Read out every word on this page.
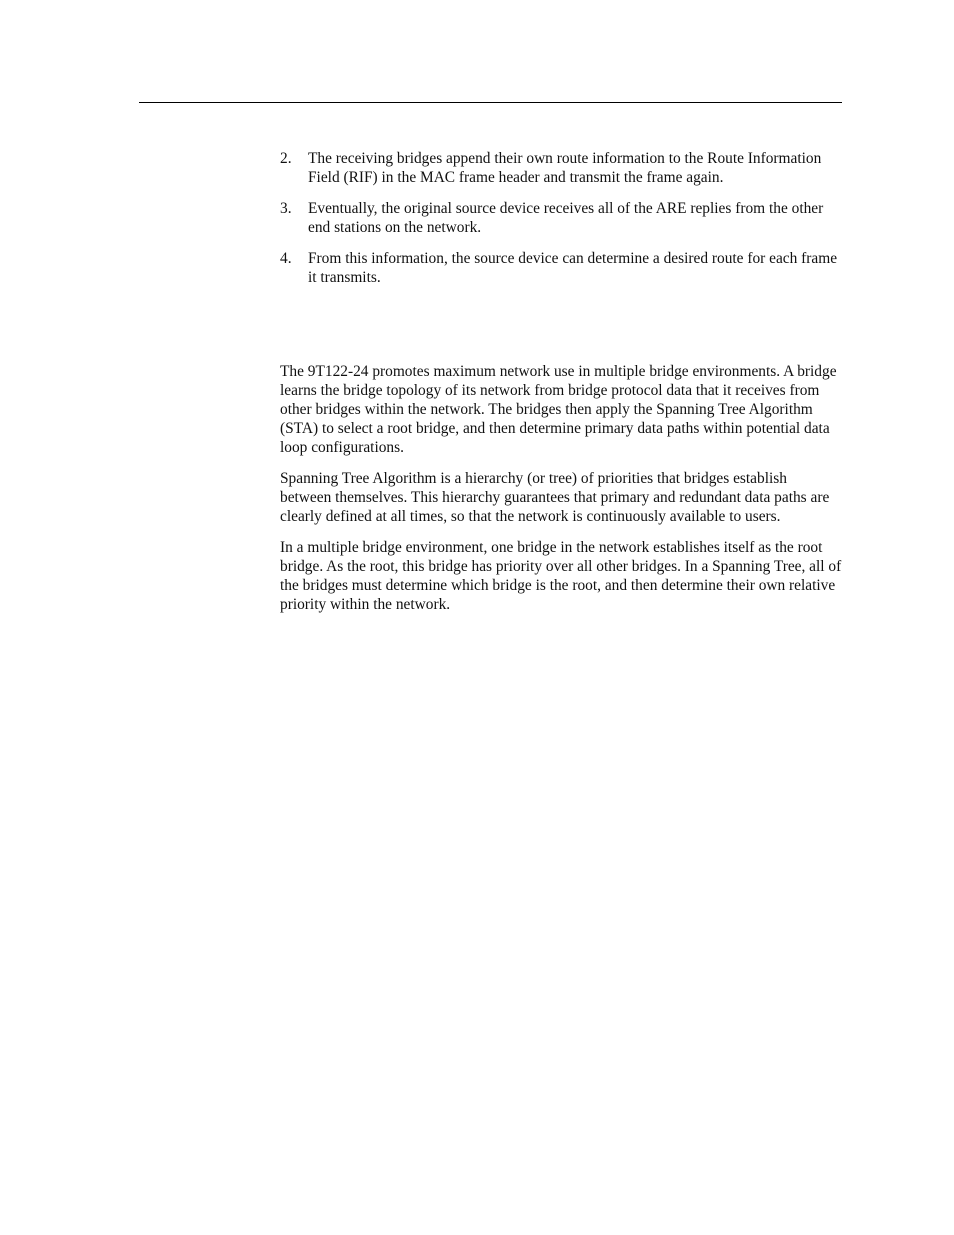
2. The receiving bridges append their own route information to the Route Information Field (RIF) in the MAC frame header and transmit the frame again.
3. Eventually, the original source device receives all of the ARE replies from the other end stations on the network.
4. From this information, the source device can determine a desired route for each frame it transmits.

The 9T122-24 promotes maximum network use in multiple bridge environments. A bridge learns the bridge topology of its network from bridge protocol data that it receives from other bridges within the network. The bridges then apply the Spanning Tree Algorithm (STA) to select a root bridge, and then determine primary data paths within potential data loop configurations.

Spanning Tree Algorithm is a hierarchy (or tree) of priorities that bridges establish between themselves. This hierarchy guarantees that primary and redundant data paths are clearly defined at all times, so that the network is continuously available to users.

In a multiple bridge environment, one bridge in the network establishes itself as the root bridge. As the root, this bridge has priority over all other bridges. In a Spanning Tree, all of the bridges must determine which bridge is the root, and then determine their own relative priority within the network.
